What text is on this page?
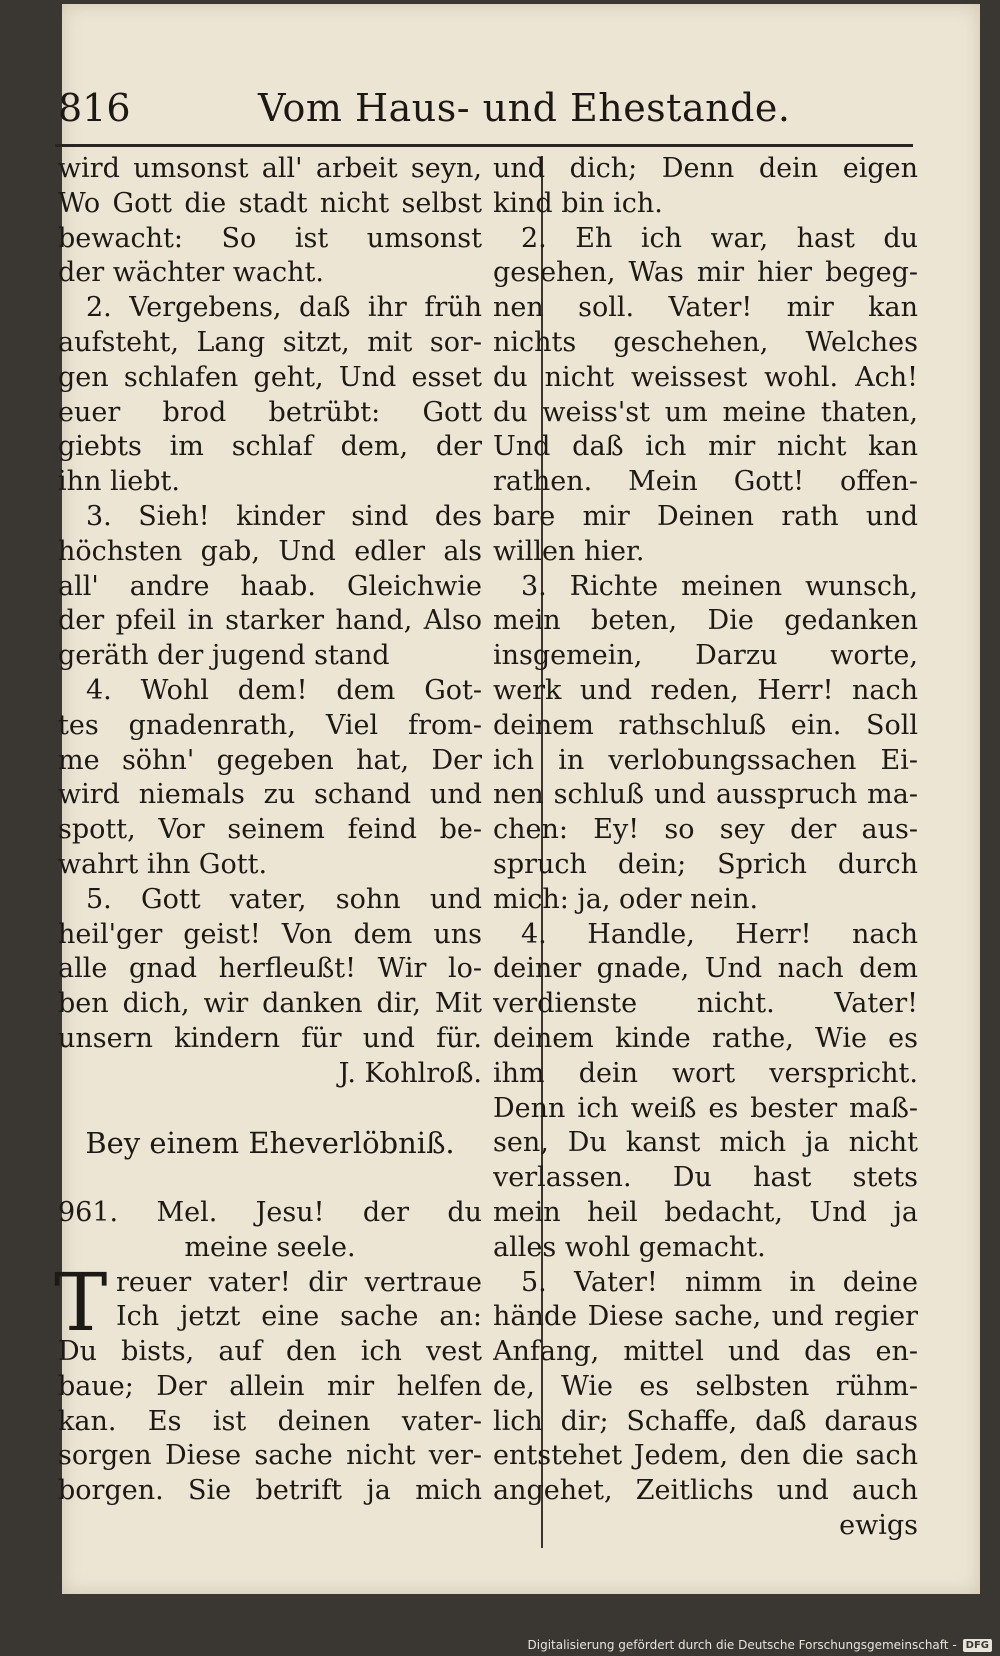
816	Vom Haus- und Ehestande.
wird umsonst all' arbeit seyn,
Wo Gott die stadt nicht selbst
bewacht: So ist umsonst
der wächter wacht.
2. Vergebens, daß ihr früh
aufsteht, Lang sitzt, mit sor-
gen schlafen geht, Und esset
euer brod betrübt: Gott
giebts im schlaf dem, der
ihn liebt.
3. Sieh! kinder sind des
höchsten gab, Und edler als
all' andre haab. Gleichwie
der pfeil in starker hand, Also
geräth der jugend stand
4. Wohl dem! dem Got-
tes gnadenrath, Viel from-
me söhn' gegeben hat, Der
wird niemals zu schand und
spott, Vor seinem feind be-
wahrt ihn Gott.
5. Gott vater, sohn und
heil'ger geist! Von dem uns
alle gnad herfleußt! Wir lo-
ben dich, wir danken dir, Mit
unsern kindern für und für.
J. Kohlroß.
Bey einem Eheverlöbniß.
961. Mel. Jesu! der du
meine seele.
T reuer vater! dir vertraue
Ich jetzt eine sache an:
Du bists, auf den ich vest
baue; Der allein mir helfen
kan. Es ist deinen vater-
sorgen Diese sache nicht ver-
borgen. Sie betrift ja mich
und dich; Denn dein eigen
kind bin ich.
2. Eh ich war, hast du
gesehen, Was mir hier begeg-
nen soll. Vater! mir kan
nichts geschehen, Welches
du nicht weissest wohl. Ach!
du weiss'st um meine thaten,
Und daß ich mir nicht kan
rathen. Mein Gott! offen-
bare mir Deinen rath und
willen hier.
3. Richte meinen wunsch,
mein beten, Die gedanken
insgemein, Darzu worte,
werk und reden, Herr! nach
deinem rathschluß ein. Soll
ich in verlobungssachen Ei-
nen schluß und ausspruch ma-
chen: Ey! so sey der aus-
spruch dein; Sprich durch
mich: ja, oder nein.
4. Handle, Herr! nach
deiner gnade, Und nach dem
verdienste nicht. Vater!
deinem kinde rathe, Wie es
ihm dein wort verspricht.
Denn ich weiß es bester maß-
sen, Du kanst mich ja nicht
verlassen. Du hast stets
mein heil bedacht, Und ja
alles wohl gemacht.
5. Vater! nimm in deine
hände Diese sache, und regier
Anfang, mittel und das en-
de, Wie es selbsten rühm-
lich dir; Schaffe, daß daraus
entstehet Jedem, den die sach
angehet, Zeitlichs und auch
ewigs
Digitalisierung gefördert durch die Deutsche Forschungsgemeinschaft - DFG
